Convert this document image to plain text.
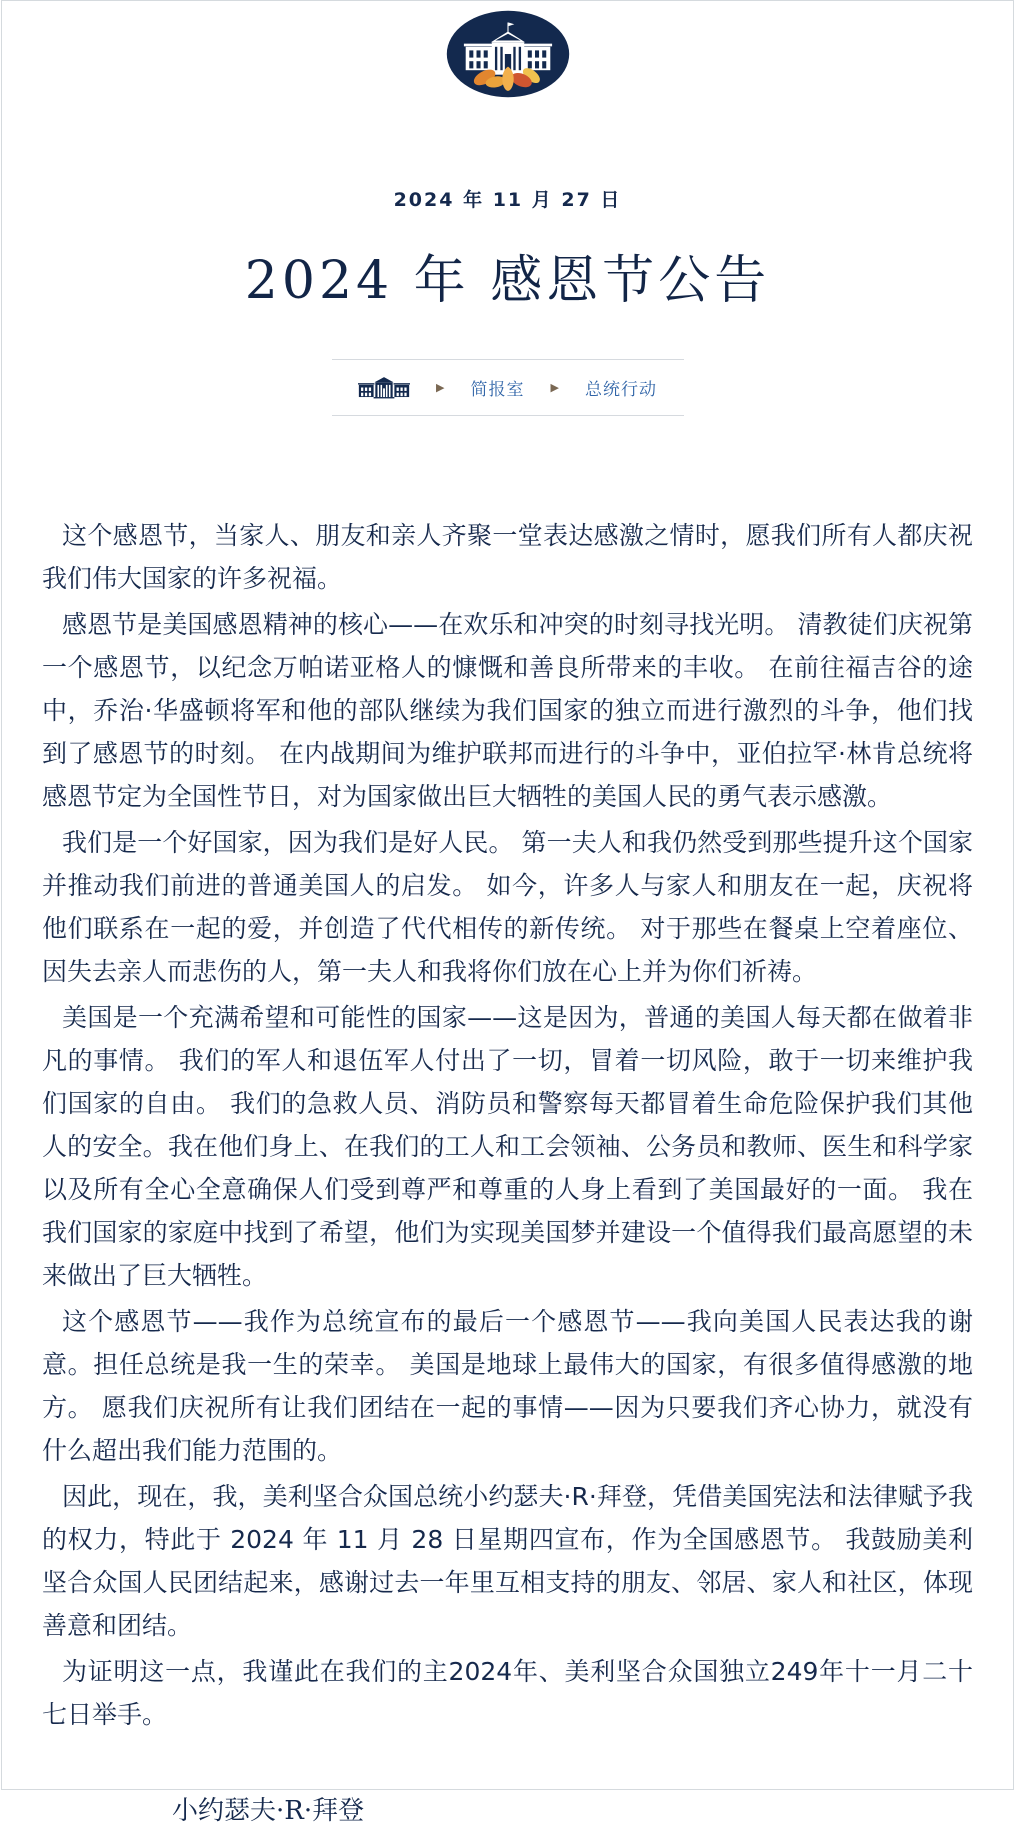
2024 年 11 月 27 日
2024 年 感恩节公告
▶ 简报室 ▶ 总统行动

这个感恩节，当家人、朋友和亲人齐聚一堂表达感激之情时，愿我们所有人都庆祝我们伟大国家的许多祝福。

感恩节是美国感恩精神的核心——在欢乐和冲突的时刻寻找光明。 清教徒们庆祝第一个感恩节，以纪念万帕诺亚格人的慷慨和善良所带来的丰收。 在前往福吉谷的途中，乔治·华盛顿将军和他的部队继续为我们国家的独立而进行激烈的斗争，他们找到了感恩节的时刻。 在内战期间为维护联邦而进行的斗争中，亚伯拉罕·林肯总统将感恩节定为全国性节日，对为国家做出巨大牺牲的美国人民的勇气表示感激。

我们是一个好国家，因为我们是好人民。 第一夫人和我仍然受到那些提升这个国家并推动我们前进的普通美国人的启发。 如今，许多人与家人和朋友在一起，庆祝将他们联系在一起的爱，并创造了代代相传的新传统。 对于那些在餐桌上空着座位、因失去亲人而悲伤的人，第一夫人和我将你们放在心上并为你们祈祷。

美国是一个充满希望和可能性的国家——这是因为，普通的美国人每天都在做着非凡的事情。 我们的军人和退伍军人付出了一切，冒着一切风险，敢于一切来维护我们国家的自由。 我们的急救人员、消防员和警察每天都冒着生命危险保护我们其他人的安全。我在他们身上、在我们的工人和工会领袖、公务员和教师、医生和科学家以及所有全心全意确保人们受到尊严和尊重的人身上看到了美国最好的一面。 我在我们国家的家庭中找到了希望，他们为实现美国梦并建设一个值得我们最高愿望的未来做出了巨大牺牲。

这个感恩节——我作为总统宣布的最后一个感恩节——我向美国人民表达我的谢意。担任总统是我一生的荣幸。 美国是地球上最伟大的国家，有很多值得感激的地方。 愿我们庆祝所有让我们团结在一起的事情——因为只要我们齐心协力，就没有什么超出我们能力范围的。

因此，现在，我，美利坚合众国总统小约瑟夫·R·拜登，凭借美国宪法和法律赋予我的权力，特此于 2024 年 11 月 28 日星期四宣布，作为全国感恩节。 我鼓励美利坚合众国人民团结起来，感谢过去一年里互相支持的朋友、邻居、家人和社区，体现善意和团结。

为证明这一点，我谨此在我们的主2024年、美利坚合众国独立249年十一月二十七日举手。

小约瑟夫·R·拜登
